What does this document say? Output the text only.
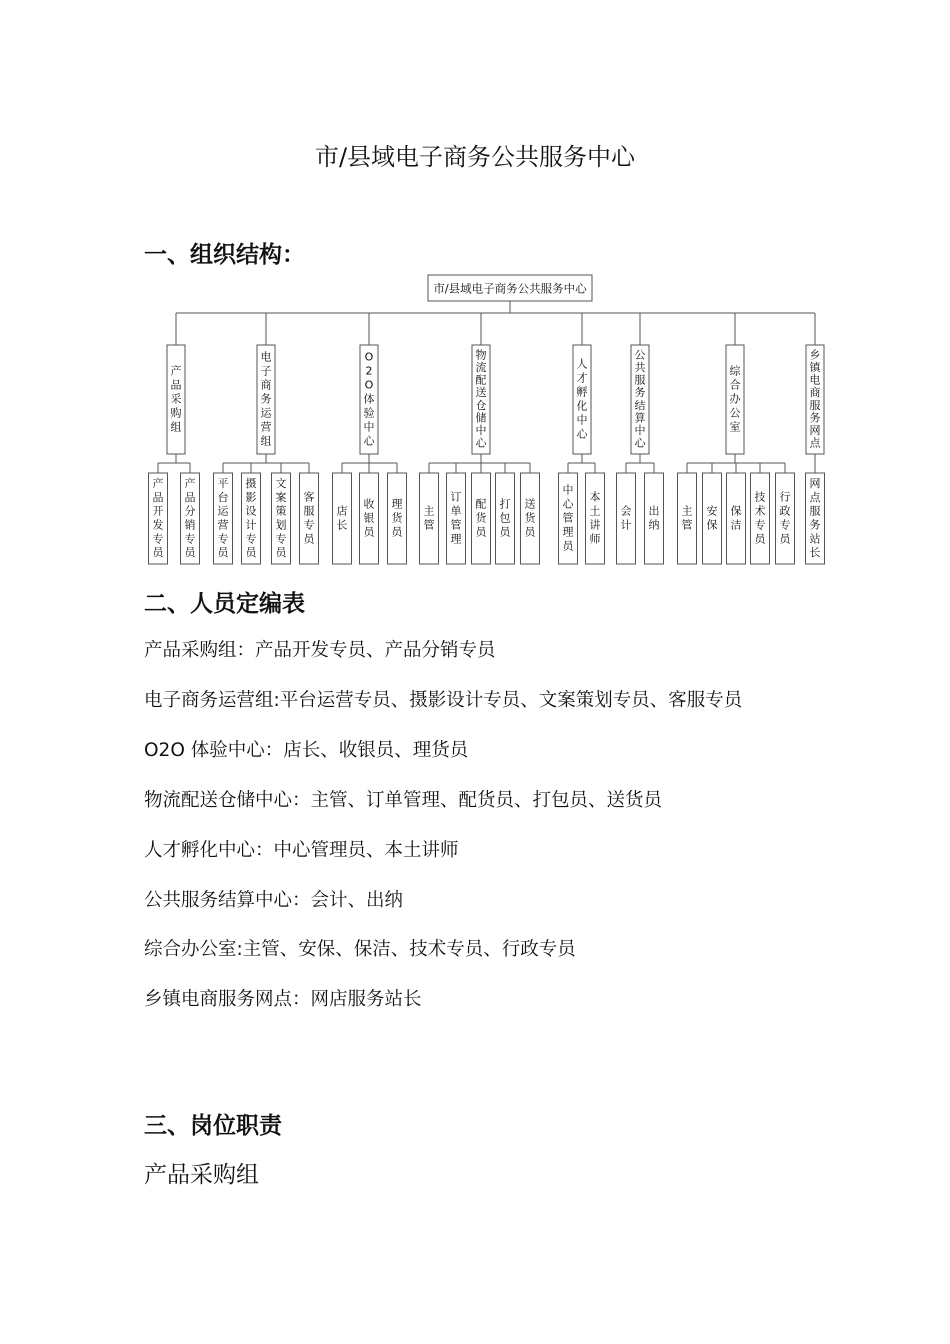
市/县域电子商务公共服务中心
一、组织结构：
市/县域电子商务公共服务中心
产
品
采
购
组
产
品
开
发
专
员
产
品
分
销
专
员
电
子
商
务
运
营
组
平
台
运
营
专
员
摄
影
设
计
专
员
文
案
策
划
专
员
客
服
专
员
O
2
O
体
验
中
心
店
长
收
银
员
理
货
员
物
流
配
送
仓
储
中
心
主
管
订
单
管
理
配
货
员
打
包
员
送
货
员
人
才
孵
化
中
心
中
心
管
理
员
本
土
讲
师
公
共
服
务
结
算
中
心
会
计
出
纳
综
合
办
公
室
主
管
安
保
保
洁
技
术
专
员
行
政
专
员
乡
镇
电
商
服
务
网
点
网
点
服
务
站
长
二、人员定编表
产品采购组：产品开发专员、产品分销专员
电子商务运营组:平台运营专员、摄影设计专员、文案策划专员、客服专员
O2O 体验中心：店长、收银员、理货员
物流配送仓储中心：主管、订单管理、配货员、打包员、送货员
人才孵化中心：中心管理员、本土讲师
公共服务结算中心：会计、出纳
综合办公室:主管、安保、保洁、技术专员、行政专员
乡镇电商服务网点：网店服务站长
三、岗位职责
产品采购组
